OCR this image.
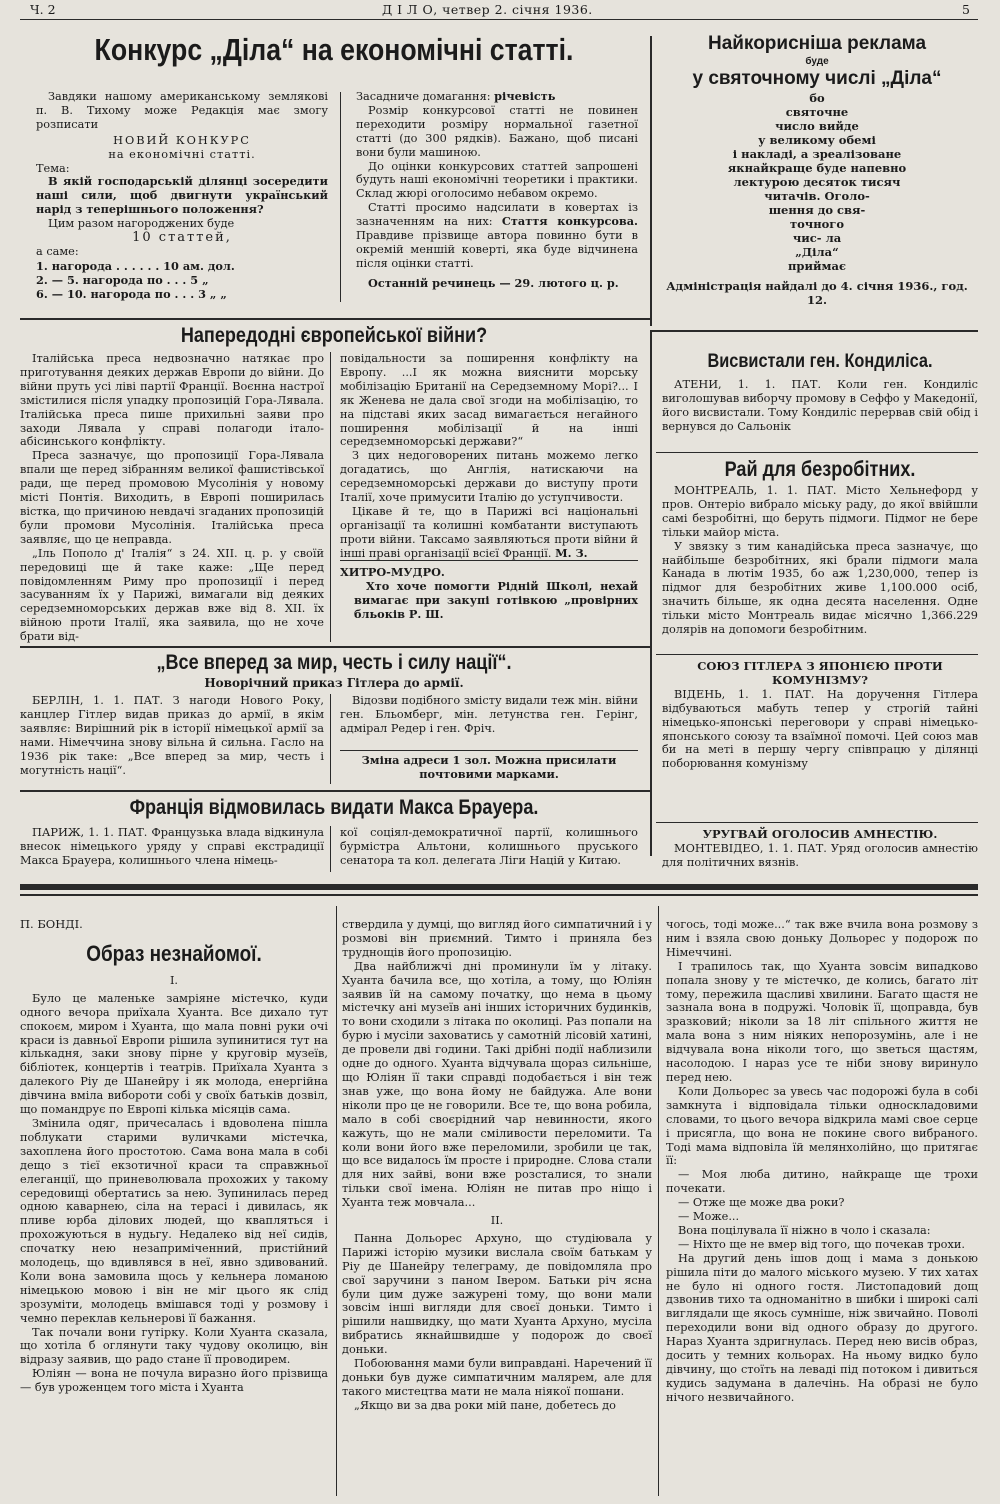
Ч. 2	Д І Л О, четвер 2. січня 1936.	5
Конкурс „Діла“ на економічні статті.

Завдяки нашому американському землякові п. В. Тихому може Редакція має змогу розписати

НОВИЙ КОНКУРС

на економічні статті.

Тема:

В якій господарській ділянці зосередити наші сили, щоб двигнути український нарід з теперішнього положення?

Цим разом нагороджених буде

10 статтей,

а саме:

1. нагорода . . . . . . 10 ам. дол.

2. — 5. нагорода по . . . 5 „

6. — 10. нагорода по . . . 3 „ „

Засадниче домагання: річевість

Розмір конкурсової статті не повинен переходити розміру нормальної газетної статті (до 300 рядків). Бажано, щоб писані вони були машиною.

До оцінки конкурсових статтей запрошені будуть наші економічні теоретики і практики. Склад жюрі оголосимо небавом окремо.

Статті просимо надсилати в ковертах із зазначенням на них: Стаття конкурсова. Правдиве прізвище автора повинно бути в окремій меншій коверті, яка буде відчинена після оцінки статті.

Останній речинець — 29. лютого ц. р.

Найкорисніша реклама

буде

у святочному числі „Діла“

бо

святочне

число вийде

у великому обемі

і накладі, а зреалізоване

якнайкраще буде напевно лектурою десяток тисяч

читачів. Оголо-

шення до свя-

точного

чис- ла

„Діла“

приймає

Адміністрація найдалі до 4. січня 1936., год. 12.

Напередодні європейської війни?

Італійська преса недвозначно натякає про приготування деяких держав Европи до війни. До війни пруть усі ліві партії Франції. Воєнна настрої змістилися після упадку пропозицій Гора-Лявала. Італійська преса пише прихильні заяви про заходи Лявала у справі полагоди італо-абісинського конфлікту.

Преса зазначує, що пропозиції Гора-Лявала впали ще перед зібранням великої фашистівської ради, ще перед промовою Мусолінія у новому місті Понтія. Виходить, в Европі поширилась вістка, що причиною невдачі згаданих пропозицій були промови Мусолінія. Італійська преса заявляє, що це неправда.

„Іль Пополо д' Італія“ з 24. XII. ц. р. у своїй передовиці ще й таке каже: „Ще перед повідомленням Риму про пропозиції і перед засуванням їх у Парижі, вимагали від деяких середземноморських держав вже від 8. XII. їх війною проти Італії, яка заявила, що не хоче брати від-

повідальности за поширення конфлікту на Европу. ...І як можна вияснити морську мобілізацію Британії на Середземному Морі?... І як Женева не дала свої згоди на мобілізацію, то на підставі яких засад вимагається негайного поширення мобілізації й на інші середземноморські держави?“

З цих недоговорених питань можемо легко догадатись, що Англія, натискаючи на середземноморські держави до виступу проти Італії, хоче примусити Італію до уступчивости.

Цікаве й те, що в Парижі всі національні організації та колишні комбатанти виступають проти війни. Таксамо заявляються проти війни й інші праві організації всієї Франції. М. З.

ХИТРО-МУДРО.

Хто хоче помогти Рідній Школі, нехай вимагає при закупі готівкою „провірних бльоків Р. Ш.

„Все вперед за мир, честь і силу нації“.

Новорічний приказ Гітлера до армії.

БЕРЛІН, 1. 1. ПАТ. З нагоди Нового Року, канцлер Гітлер видав приказ до армії, в якім заявляє: Вирішний рік в історії німецької армії за нами. Німеччина знову вільна й сильна. Гасло на 1936 рік таке: „Все вперед за мир, честь і могутність нації“.

Відозви подібного змісту видали теж мін. війни ген. Бльомберг, мін. летунства ген. Герінг, адмірал Редер і ген. Фріч.

Зміна адреси 1 зол. Можна присилати почтовими марками.

Франція відмовилась видати Макса Брауера.

ПАРИЖ, 1. 1. ПАТ. Французька влада відкинула внесок німецького уряду у справі екстрадиції Макса Брауера, колишнього члена німець-

кої соціял-демократичної партії, колишнього бурмістра Альтони, колишнього пруського сенатора та кол. делегата Ліги Націй у Китаю.

Висвистали ген. Кондиліса.

АТЕНИ, 1. 1. ПАТ. Коли ген. Кондиліс виголошував виборчу промову в Сеффо у Македонії, його висвистали. Тому Кондиліс перервав свій обід і вернувся до Сальонік

Рай для безробітних.

МОНТРЕАЛЬ, 1. 1. ПАТ. Місто Хельнефорд у пров. Онтеріо вибрало міську раду, до якої ввійшли самі безробітні, що беруть підмоги. Підмог не бере тільки майор міста.

У звязку з тим канадійська преса зазначує, що найбільше безробітних, які брали підмоги мала Канада в лютім 1935, бо аж 1,230,000, тепер із підмог для безробітних живе 1,100.000 осіб, значить більше, як одна десята населення. Одне тільки місто Монтреаль видає місячно 1,366.229 долярів на допомоги безробітним.

СОЮЗ ГІТЛЕРА З ЯПОНІЄЮ ПРОТИ КОМУНІЗМУ?

ВІДЕНЬ, 1. 1. ПАТ. На доручення Гітлера відбуваються мабуть тепер у строгій тайні німецько-японські переговори у справі німецько-японського союзу та взаїмної помочі. Цей союз мав би на меті в першу чергу співпрацю у ділянці поборювання комунізму

УРУГВАЙ ОГОЛОСИВ АМНЕСТІЮ.

МОНТЕВІДЕО, 1. 1. ПАТ. Уряд оголосив амнестію для політичних вязнів.

П. БОНДІ.

Образ незнайомої.

I.

Було це маленьке замріяне містечко, куди одного вечора приїхала Хуанта. Все дихало тут спокоєм, миром і Хуанта, що мала повні руки очі краси із давньої Европи рішила зупинитися тут на кількадня, заки знову пірне у круговір музеїв, бібліотек, концертів і театрів. Приїхала Хуанта з далекого Ріу де Шанейру і як молода, енергійна дівчина вміла вибороти собі у своїх батьків дозвіл, що помандрує по Европі кілька місяців сама.

Змінила одяг, причесалась і вдоволена пішла поблукати старими вуличками містечка, захоплена його простотою. Сама вона мала в собі дещо з тієї екзотичної краси та справжньої елеганції, що приневолювала прохожих у такому середовищі обертатись за нею. Зупинилась перед одною каварнею, сіла на терасі і дивилась, як пливе юрба ділових людей, що квапляться і прохожуються в нудьгу. Недалеко від неї сидів, спочатку нею незаприміченний, пристійний молодець, що вдивлявся в неї, явно здивований. Коли вона замовила щось у кельнера ломаною німецькою мовою і він не міг цього як слід зрозуміти, молодець вмішався тоді у розмову і чемно переклав кельнерові її бажання.

Так почали вони гутірку. Коли Хуанта сказала, що хотіла б оглянути таку чудову околицю, він відразу заявив, що радо стане її проводирем.

Юліян — вона не почула виразно його прізвища — був уроженцем того міста і Хуанта

ствердила у думці, що вигляд його симпатичний і у розмові він приємний. Тимто і приняла без труднощів його пропозицію.

Два найближчі дні проминули їм у літаку. Хуанта бачила все, що хотіла, а тому, що Юліян заявив їй на самому початку, що нема в цьому містечку ані музеїв ані інших історичних будинків, то вони сходили з літака по околиці. Раз попали на бурю і мусіли заховатись у самотній лісовій хатині, де провели дві години. Такі дрібні події наблизили одне до одного. Хуанта відчувала щораз сильніше, що Юліян її таки справді подобається і він теж знав уже, що вона йому не байдужа. Але вони ніколи про це не говорили. Все те, що вона робила, мало в собі своєрідний чар невинности, якого кажуть, що не мали сміливости переломити. Та коли вони його вже переломили, зробили це так, що все видалось їм просте і природне. Слова стали для них зайві, вони вже розсталися, то знали тільки свої імена. Юліян не питав про ніщо і Хуанта теж мовчала...

II.

Панна Дольорес Архуно, що студіювала у Парижі історію музики вислала своїм батькам у Ріу де Шанейру телеграму, де повідомляла про свої заручини з паном Івером. Батьки річ ясна були цим дуже зажурені тому, що вони мали зовсім інші вигляди для своєї доньки. Тимто і рішили нашвидку, що мати Хуанта Архуно, мусіла вибратись якнайшвидше у подорож до своєї доньки.

Побоювання мами були виправдані. Наречений її доньки був дуже симпатичним малярем, але для такого мистецтва мати не мала ніякої пошани.

„Якщо ви за два роки мій пане, добетесь до

чогось, тоді може...“ так вже вчила вона розмову з ним і взяла свою доньку Дольорес у подорож по Німеччині.

І трапилось так, що Хуанта зовсім випадково попала знову у те містечко, де колись, багато літ тому, пережила щасливі хвилини. Багато щастя не зазнала вона в подружі. Чоловік її, щоправда, був зразковий; ніколи за 18 літ спільного життя не мала вона з ним ніяких непорозумінь, але і не відчувала вона ніколи того, що зветься щастям, насолодою. І нараз усе те ніби знову виринуло перед нею.

Коли Дольорес за увесь час подорожі була в собі замкнута і відповідала тільки односкладовими словами, то цього вечора відкрила мамі свое серце і присягла, що вона не покине свого вибраного. Тоді мама відповіла їй мелянхолійно, що притягає її:

— Моя люба дитино, найкраще ще трохи почекати.

— Отже ще може два роки?

— Може...

Вона поцілувала її ніжно в чоло і сказала:

— Ніхто ще не вмер від того, що почекав трохи.

На другий день ішов дощ і мама з донькою рішила піти до малого міського музею. У тих хатах не було ні одного гостя. Листопадовий дощ дзвонив тихо та одноманітно в шибки і широкі салі виглядали ще якось сумніше, ніж звичайно. Поволі переходили вони від одного образу до другого. Нараз Хуанта здригнулась. Перед нею висів образ, досить у темних кольорах. На ньому видко було дівчину, що стоїть на леваді під потоком і дивиться кудись задумана в далечінь. На образі не було нічого незвичайного.
